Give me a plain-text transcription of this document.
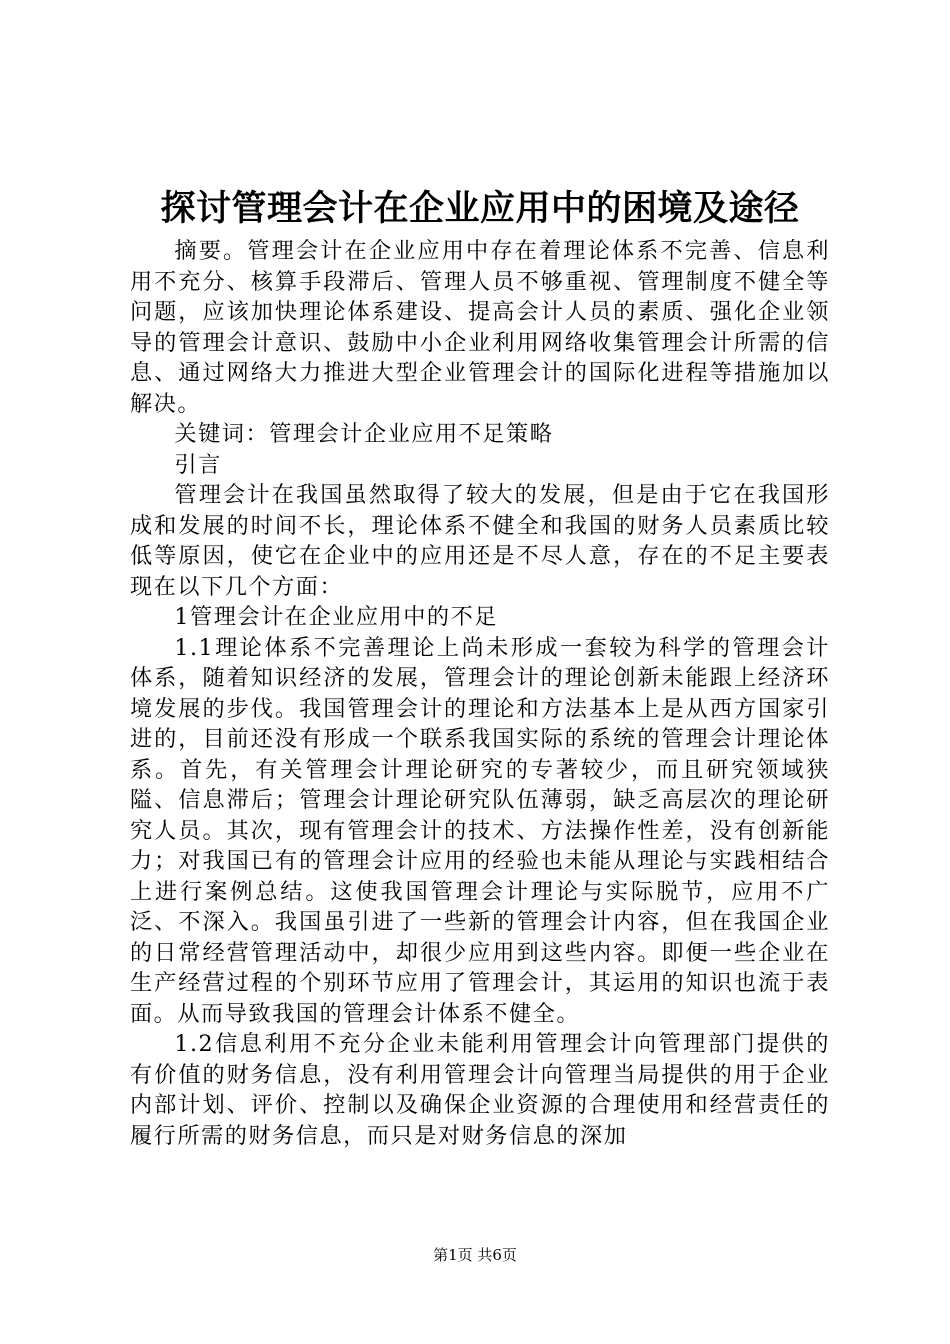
探讨管理会计在企业应用中的困境及途径

摘要。管理会计在企业应用中存在着理论体系不完善、信息利用不充分、核算手段滞后、管理人员不够重视、管理制度不健全等问题，应该加快理论体系建设、提高会计人员的素质、强化企业领导的管理会计意识、鼓励中小企业利用网络收集管理会计所需的信息、通过网络大力推进大型企业管理会计的国际化进程等措施加以解决。

关键词：管理会计企业应用不足策略

引言

管理会计在我国虽然取得了较大的发展，但是由于它在我国形成和发展的时间不长，理论体系不健全和我国的财务人员素质比较低等原因，使它在企业中的应用还是不尽人意，存在的不足主要表现在以下几个方面：

1管理会计在企业应用中的不足

1.1理论体系不完善理论上尚未形成一套较为科学的管理会计体系，随着知识经济的发展，管理会计的理论创新未能跟上经济环境发展的步伐。我国管理会计的理论和方法基本上是从西方国家引进的，目前还没有形成一个联系我国实际的系统的管理会计理论体系。首先，有关管理会计理论研究的专著较少，而且研究领域狭隘、信息滞后；管理会计理论研究队伍薄弱，缺乏高层次的理论研究人员。其次，现有管理会计的技术、方法操作性差，没有创新能力；对我国已有的管理会计应用的经验也未能从理论与实践相结合上进行案例总结。这使我国管理会计理论与实际脱节，应用不广泛、不深入。我国虽引进了一些新的管理会计内容，但在我国企业的日常经营管理活动中，却很少应用到这些内容。即便一些企业在生产经营过程的个别环节应用了管理会计，其运用的知识也流于表面。从而导致我国的管理会计体系不健全。

1.2信息利用不充分企业未能利用管理会计向管理部门提供的有价值的财务信息，没有利用管理会计向管理当局提供的用于企业内部计划、评价、控制以及确保企业资源的合理使用和经营责任的履行所需的财务信息，而只是对财务信息的深加

第1页 共6页
